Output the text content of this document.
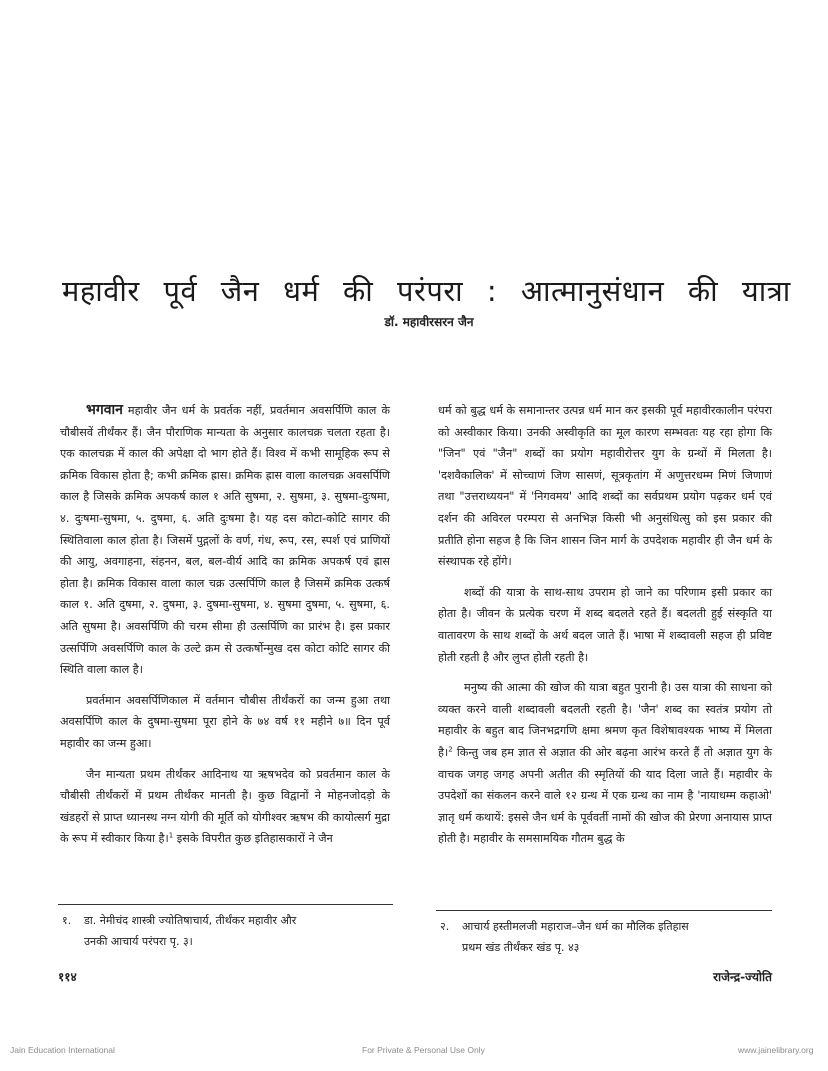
महावीर पूर्व जैन धर्म की परंपरा : आत्मानुसंधान की यात्रा
डॉ. महावीरसरन जैन

भगवान महावीर जैन धर्म के प्रवर्तक नहीं, प्रवर्तमान अवसर्पिणि काल के चौबीसवें तीर्थंकर हैं। जैन पौराणिक मान्यता के अनुसार कालचक्र चलता रहता है। एक कालचक्र में काल की अपेक्षा दो भाग होते हैं। विश्व में कभी सामूहिक रूप से क्रमिक विकास होता है; कभी क्रमिक ह्रास। क्रमिक ह्रास वाला कालचक्र अवसर्पिणि काल है जिसके क्रमिक अपकर्ष काल १ अति सुषमा, २. सुषमा, ३. सुषमा-दुःषमा, ४. दुःषमा-सुषमा, ५. दुषमा, ६. अति दुःषमा है। यह दस कोटा-कोटि सागर की स्थितिवाला काल होता है। जिसमें पुद्गलों के वर्ण, गंध, रूप, रस, स्पर्श एवं प्राणियों की आयु, अवगाहना, संहनन, बल, बल-वीर्य आदि का क्रमिक अपकर्ष एवं ह्रास होता है। क्रमिक विकास वाला काल चक्र उत्सर्पिणि काल है जिसमें क्रमिक उत्कर्ष काल १. अति दुषमा, २. दुषमा, ३. दुषमा-सुषमा, ४. सुषमा दुषमा, ५. सुषमा, ६. अति सुषमा है। अवसर्पिणि की चरम सीमा ही उत्सर्पिणि का प्रारंभ है। इस प्रकार उत्सर्पिणि अवसर्पिणि काल के उल्टे क्रम से उत्कर्षोन्मुख दस कोटा कोटि सागर की स्थिति वाला काल है।

प्रवर्तमान अवसर्पिणिकाल में वर्तमान चौबीस तीर्थंकरों का जन्म हुआ तथा अवसर्पिणि काल के दुषमा-सुषमा पूरा होने के ७४ वर्ष ११ महीने ७॥ दिन पूर्व महावीर का जन्म हुआ।

जैन मान्यता प्रथम तीर्थंकर आदिनाथ या ऋषभदेव को प्रवर्तमान काल के चौबीसी तीर्थंकरों में प्रथम तीर्थंकर मानती है। कुछ विद्वानों ने मोहनजोदड़ो के खंडहरों से प्राप्त ध्यानस्थ नग्न योगी की मूर्ति को योगीश्वर ऋषभ की कायोत्सर्ग मुद्रा के रूप में स्वीकार किया है।$^1$ इसके विपरीत कुछ इतिहासकारों ने जैन

धर्म को बुद्ध धर्म के समानान्तर उत्पन्न धर्म मान कर इसकी पूर्व महावीरकालीन परंपरा को अस्वीकार किया। उनकी अस्वीकृति का मूल कारण सम्भवतः यह रहा होगा कि "जिन" एवं "जैन" शब्दों का प्रयोग महावीरोत्तर युग के ग्रन्थों में मिलता है। 'दशवैकालिक' में सोच्चाणं जिण सासणं, सूत्रकृतांग में अणुत्तरधम्म मिणं जिणाणं तथा "उत्तराध्ययन" में 'निगवमय' आदि शब्दों का सर्वप्रथम प्रयोग पढ़कर धर्म एवं दर्शन की अविरल परम्परा से अनभिज्ञ किसी भी अनुसंधित्सु को इस प्रकार की प्रतीति होना सहज है कि जिन शासन जिन मार्ग के उपदेशक महावीर ही जैन धर्म के संस्थापक रहे होंगे।

शब्दों की यात्रा के साथ-साथ उपराम हो जाने का परिणाम इसी प्रकार का होता है। जीवन के प्रत्येक चरण में शब्द बदलते रहते हैं। बदलती हुई संस्कृति या वातावरण के साथ शब्दों के अर्थ बदल जाते हैं। भाषा में शब्दावली सहज ही प्रविष्ट होती रहती है और लुप्त होती रहती है।

मनुष्य की आत्मा की खोज की यात्रा बहुत पुरानी है। उस यात्रा की साधना को व्यक्त करने वाली शब्दावली बदलती रहती है। 'जैन' शब्द का स्वतंत्र प्रयोग तो महावीर के बहुत बाद जिनभद्रगणि क्षमा श्रमण कृत विशेषावश्यक भाष्य में मिलता है।$^2$ किन्तु जब हम ज्ञात से अज्ञात की ओर बढ़ना आरंभ करते हैं तो अज्ञात युग के वाचक जगह जगह अपनी अतीत की स्मृतियों की याद दिला जाते हैं। महावीर के उपदेशों का संकलन करने वाले १२ ग्रन्थ में एक ग्रन्थ का नाम है 'नायाधम्म कहाओ' ज्ञातृ धर्म कथायें: इससे जैन धर्म के पूर्ववर्ती नामों की खोज की प्रेरणा अनायास प्राप्त होती है। महावीर के समसामयिक गौतम बुद्ध के

१. डा. नेमीचंद शास्त्री ज्योतिषाचार्य, तीर्थंकर महावीर और
उनकी आचार्य परंपरा पृ. ३।
२. आचार्य हस्तीमलजी महाराज–जैन धर्म का मौलिक इतिहास
प्रथम खंड तीर्थंकर खंड पृ. ४३
११४	राजेन्द्र-ज्योति
Jain Education International	For Private & Personal Use Only	www.jainelibrary.org
